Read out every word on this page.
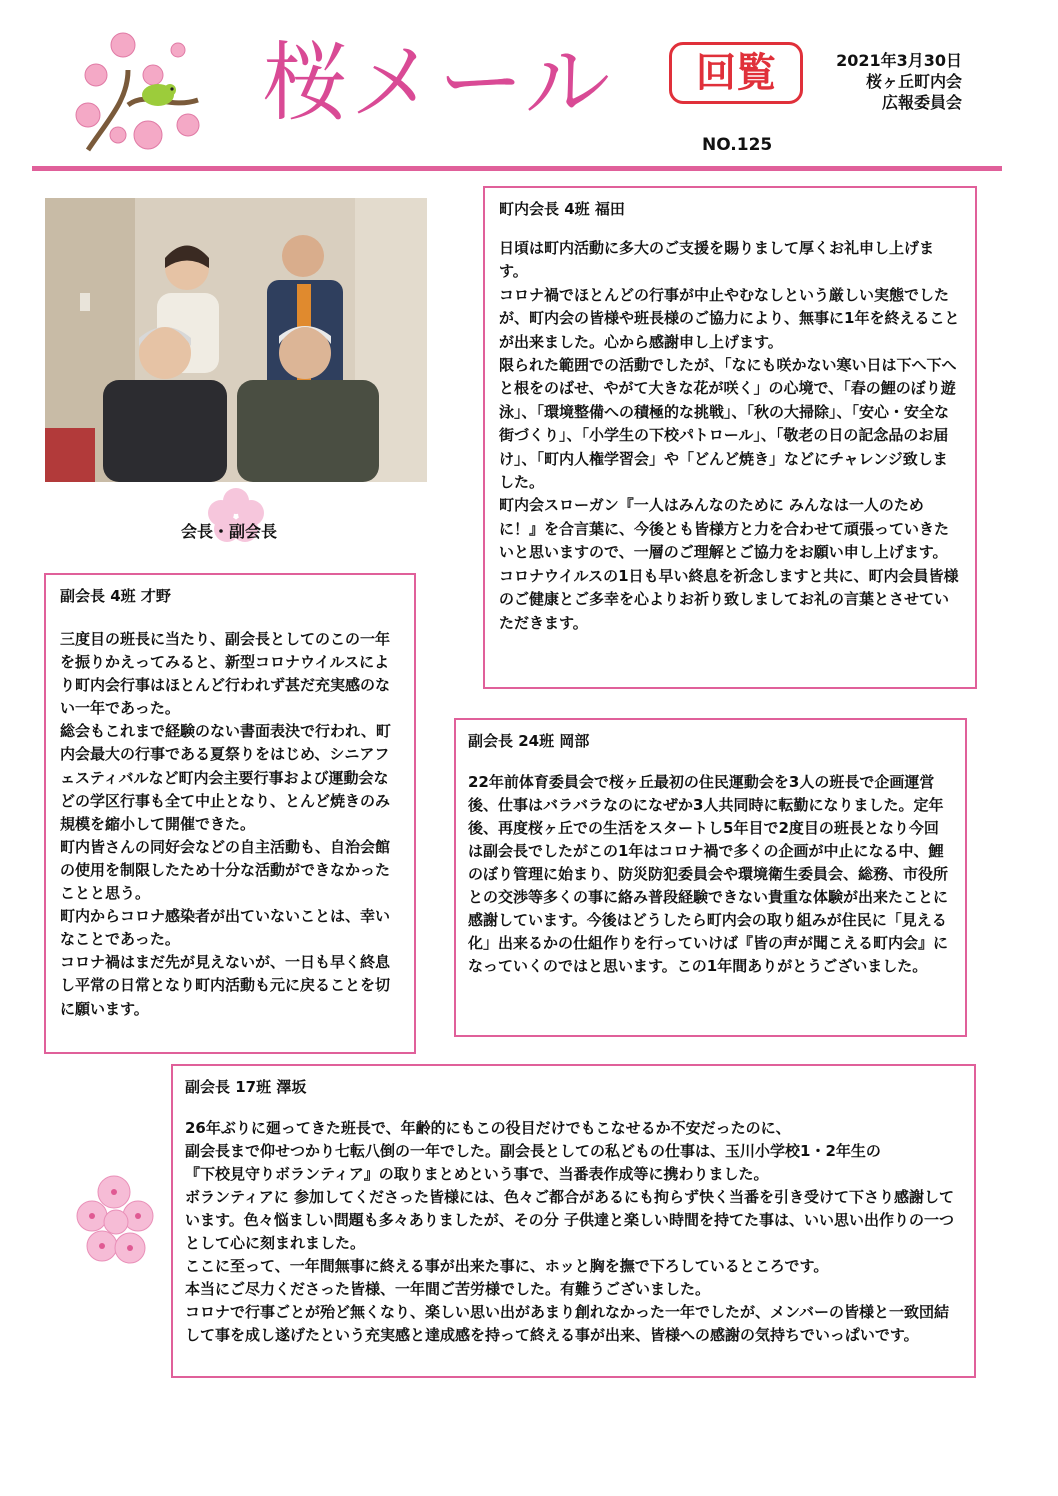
桜メール	回覧	2021年3月30日
桜ヶ丘町内会
広報委員会
NO.125
会長・副会長
町内会長 4班 福田
日頃は町内活動に多大のご支援を賜りまして厚くお礼申し上げます。
コロナ禍でほとんどの行事が中止やむなしという厳しい実態でしたが、町内会の皆様や班長様のご協力により、無事に1年を終えることが出来ました。心から感謝申し上げます。
限られた範囲での活動でしたが、「なにも咲かない寒い日は下へ下へと根をのばせ、やがて大きな花が咲く」の心境で、「春の鯉のぼり遊泳」、「環境整備への積極的な挑戦」、「秋の大掃除」、「安心・安全な街づくり」、「小学生の下校パトロール」、「敬老の日の記念品のお届け」、「町内人権学習会」や「どんど焼き」などにチャレンジ致しました。
町内会スローガン『一人はみんなのために みんなは一人のために！』を合言葉に、今後とも皆様方と力を合わせて頑張っていきたいと思いますので、一層のご理解とご協力をお願い申し上げます。
コロナウイルスの1日も早い終息を祈念しますと共に、町内会員皆様のご健康とご多幸を心よりお祈り致しましてお礼の言葉とさせていただきます。
副会長 4班 才野
三度目の班長に当たり、副会長としてのこの一年を振りかえってみると、新型コロナウイルスにより町内会行事はほとんど行われず甚だ充実感のない一年であった。
総会もこれまで経験のない書面表決で行われ、町内会最大の行事である夏祭りをはじめ、シニアフェスティバルなど町内会主要行事および運動会などの学区行事も全て中止となり、とんど焼きのみ規模を縮小して開催できた。
町内皆さんの同好会などの自主活動も、自治会館の使用を制限したため十分な活動ができなかったことと思う。
町内からコロナ感染者が出ていないことは、幸いなことであった。
コロナ禍はまだ先が見えないが、一日も早く終息し平常の日常となり町内活動も元に戻ることを切に願います。
副会長 24班 岡部
22年前体育委員会で桜ヶ丘最初の住民運動会を3人の班長で企画運営後、仕事はバラバラなのになぜか3人共同時に転勤になりました。定年後、再度桜ヶ丘での生活をスタートし5年目で2度目の班長となり今回は副会長でしたがこの1年はコロナ禍で多くの企画が中止になる中、鯉のぼり管理に始まり、防災防犯委員会や環境衛生委員会、総務、市役所との交渉等多くの事に絡み普段経験できない貴重な体験が出来たことに感謝しています。今後はどうしたら町内会の取り組みが住民に「見える化」出来るかの仕組作りを行っていけば『皆の声が聞こえる町内会』になっていくのではと思います。この1年間ありがとうございました。
副会長 17班 澤坂
26年ぶりに廻ってきた班長で、年齢的にもこの役目だけでもこなせるか不安だったのに、
副会長まで仰せつかり七転八倒の一年でした。副会長としての私どもの仕事は、玉川小学校1・2年生の
『下校見守りボランティア』の取りまとめという事で、当番表作成等に携わりました。
ボランティアに 参加してくださった皆様には、色々ご都合があるにも拘らず快く当番を引き受けて下さり感謝しています。色々悩ましい問題も多々ありましたが、その分 子供達と楽しい時間を持てた事は、いい思い出作りの一つとして心に刻まれました。
ここに至って、一年間無事に終える事が出来た事に、ホッと胸を撫で下ろしているところです。
本当にご尽力くださった皆様、一年間ご苦労様でした。有難うございました。
コロナで行事ごとが殆ど無くなり、楽しい思い出があまり創れなかった一年でしたが、メンバーの皆様と一致団結して事を成し遂げたという充実感と達成感を持って終える事が出来、皆様への感謝の気持ちでいっぱいです。
